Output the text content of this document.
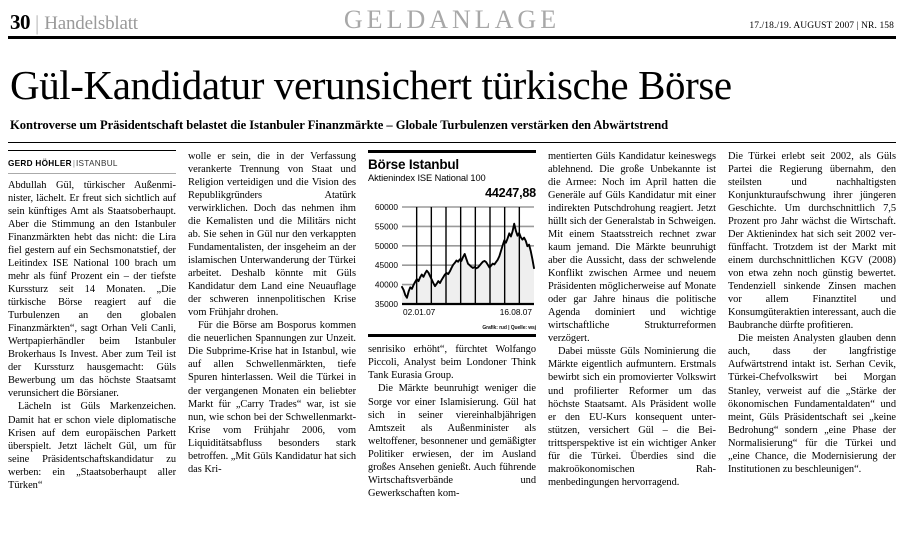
30 | Handelsblatt	GELDANLAGE	17./18./19. AUGUST 2007 | NR. 158
Gül-Kandidatur verunsichert türkische Börse
Kontroverse um Präsidentschaft belastet die Istanbuler Finanzmärkte – Globale Turbulenzen verstärken den Abwärtstrend
GERD HÖHLER|ISTANBUL

Abdullah Gül, türkischer Außenminister, lächelt. Er freut sich sichtlich auf sein künftiges Amt als Staatsoberhaupt. Aber die Stimmung an den Istanbuler Finanzmärkten hebt das nicht: die Lira fiel gestern auf ein Sechsmonatstief, der Leitindex ISE National 100 brach um mehr als fünf Prozent ein – der tiefste Kurssturz seit 14 Monaten. „Die türkische Börse reagiert auf die Turbulenzen an den globalen Finanzmärkten“, sagt Orhan Veli Canli, Wertpapierhändler beim Istanbuler Brokerhaus Is Invest. Aber zum Teil ist der Kurssturz hausgemacht: Güls Bewerbung um das höchste Staatsamt verunsichert die Börsianer.

Lächeln ist Güls Markenzeichen. Damit hat er schon viele diplomatische Krisen auf dem europäischen Parkett überspielt. Jetzt lächelt Gül, um für seine Präsidentschaftskandidatur zu werben: ein „Staatsoberhaupt aller Türken“

wolle er sein, die in der Verfassung verankerte Trennung von Staat und Religion verteidigen und die Vision des Republikgründers Atatürk verwirklichen. Doch das nehmen ihm die Kemalisten und die Militärs nicht ab. Sie sehen in Gül nur den verkappten Fundamentalisten, der insgeheim an der islamischen Unterwanderung der Türkei arbeitet. Deshalb könnte mit Güls Kandidatur dem Land eine Neuauflage der schweren innenpolitischen Krise vom Frühjahr drohen.

Für die Börse am Bosporus kommen die neuerlichen Spannungen zur Unzeit. Die Subprime-Krise hat in Istanbul, wie auf allen Schwellenmärkten, tiefe Spuren hinterlassen. Weil die Türkei in der vergangenen Monaten ein beliebter Markt für „Carry Trades“ war, ist sie nun, wie schon bei der Schwellenmarkt-Krise vom Frühjahr 2006, vom Liquiditätsabfluss besonders stark betroffen. „Mit Güls Kandidatur hat sich das Kri-

Börse Istanbul
Aktienindex ISE National 100
44247,88
60000
55000
50000
45000
40000
35000
02.01.07	16.08.07
Grafik: rud | Quelle: wsj

senrisiko erhöht“, fürchtet Wolfango Piccoli, Analyst beim Londoner Think Tank Eurasia Group.

Die Märkte beunruhigt weniger die Sorge vor einer Islamisierung. Gül hat sich in seiner viereinhalbjährigen Amtszeit als Außenminister als weltoffener, besonnener und gemäßigter Politiker erwiesen, der im Ausland großes Ansehen genießt. Auch führende Wirtschaftsverbände und Gewerkschaften kom-

mentierten Güls Kandidatur keineswegs ablehnend. Die große Unbekannte ist die Armee: Noch im April hatten die Generäle auf Güls Kandidatur mit einer indirekten Putschdrohung reagiert. Jetzt hüllt sich der Generalstab in Schweigen. Mit einem Staatsstreich rechnet zwar kaum jemand. Die Märkte beunruhigt aber die Aussicht, dass der schwelende Konflikt zwischen Armee und neuem Präsidenten möglicherweise auf Monate oder gar Jahre hinaus die politische Agenda dominiert und wichtige wirtschaftliche Strukturreformen verzögert.

Dabei müsste Güls Nominierung die Märkte eigentlich aufmuntern. Erstmals bewirbt sich ein promovierter Volkswirt und profilierter Reformer um das höchste Staatsamt. Als Präsident wolle er den EU-Kurs konsequent unterstützen, versichert Gül – die Beitrittsperspektive ist ein wichtiger Anker für die Türkei. Überdies sind die makroökonomischen Rahmenbedingungen hervorragend.

Die Türkei erlebt seit 2002, als Güls Partei die Regierung übernahm, den steilsten und nachhaltigsten Konjunkturaufschwung ihrer jüngeren Geschichte. Um durchschnittlich 7,5 Prozent pro Jahr wächst die Wirtschaft. Der Aktienindex hat sich seit 2002 verfünffacht. Trotzdem ist der Markt mit einem durchschnittlichen KGV (2008) von etwa zehn noch günstig bewertet. Tendenziell sinkende Zinsen machen vor allem Finanztitel und Konsumgüteraktien interessant, auch die Baubranche dürfte profitieren.

Die meisten Analysten glauben denn auch, dass der langfristige Aufwärtstrend intakt ist. Serhan Cevik, Türkei-Chefvolkswirt bei Morgan Stanley, verweist auf die „Stärke der ökonomischen Fundamentaldaten“ und meint, Güls Präsidentschaft sei „keine Bedrohung“ sondern „eine Phase der Normalisierung“ für die Türkei und „eine Chance, die Modernisierung der Institutionen zu beschleunigen“.
